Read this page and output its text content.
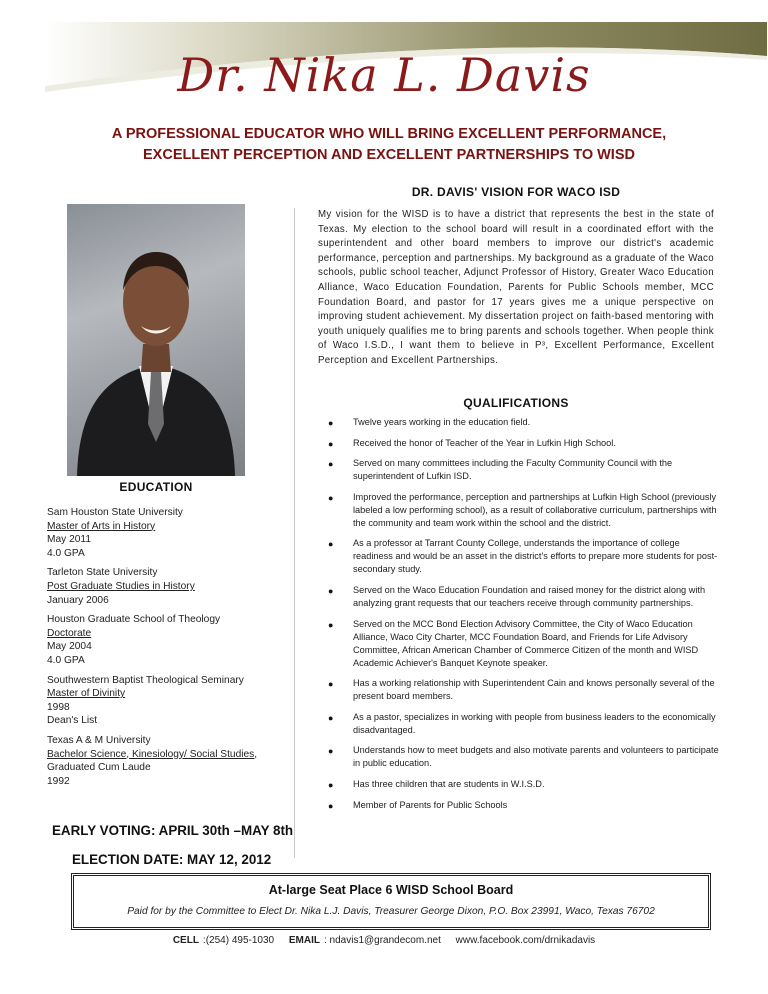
Dr. Nika L. Davis
A PROFESSIONAL EDUCATOR WHO WILL BRING EXCELLENT PERFORMANCE,
EXCELLENT PERCEPTION AND EXCELLENT PARTNERSHIPS TO WISD
DR. DAVIS' VISION FOR WACO ISD
My vision for the WISD is to have a district that represents the best in the state of Texas. My election to the school board will result in a coordinated effort with the superintendent and other board members to improve our district's academic performance, perception and partnerships. My background as a graduate of the Waco schools, public school teacher, Adjunct Professor of History, Greater Waco Education Alliance, Waco Education Foundation, Parents for Public Schools member, MCC Foundation Board, and pastor for 17 years gives me a unique perspective on improving student achievement. My dissertation project on faith-based mentoring with youth uniquely qualifies me to bring parents and schools together. When people think of Waco I.S.D., I want them to believe in P³, Excellent Performance, Excellent Perception and Excellent Partnerships.
QUALIFICATIONS
● Twelve years working in the education field.
● Received the honor of Teacher of the Year in Lufkin High School.
● Served on many committees including the Faculty Community Council with the superintendent of Lufkin ISD.
● Improved the performance, perception and partnerships at Lufkin High School (previously labeled a low performing school), as a result of collaborative curriculum, partnerships with the community and team work within the school and the district.
● As a professor at Tarrant County College, understands the importance of college readiness and would be an asset in the district's efforts to prepare more students for post-secondary study.
● Served on the Waco Education Foundation and raised money for the district along with analyzing grant requests that our teachers receive through community partnerships.
● Served on the MCC Bond Election Advisory Committee, the City of Waco Education Alliance, Waco City Charter, MCC Foundation Board, and Friends for Life Advisory Committee, African American Chamber of Commerce Citizen of the month and WISD Academic Achiever's Banquet Keynote speaker.
● Has a working relationship with Superintendent Cain and knows personally several of the present board members.
● As a pastor, specializes in working with people from business leaders to the economically disadvantaged.
● Understands how to meet budgets and also motivate parents and volunteers to participate in public education.
● Has three children that are students in W.I.S.D.
● Member of Parents for Public Schools
EDUCATION
Sam Houston State University
Master of Arts in History
May 2011
4.0 GPA
Tarleton State University
Post Graduate Studies in History
January 2006
Houston Graduate School of Theology
Doctorate
May 2004
4.0 GPA
Southwestern Baptist Theological Seminary
Master of Divinity
1998
Dean's List
Texas A & M University
Bachelor Science, Kinesiology/ Social Studies,
Graduated Cum Laude
1992
EARLY VOTING: APRIL 30th –MAY 8th
ELECTION DATE: MAY 12, 2012
At-large Seat Place 6 WISD School Board
Paid for by the Committee to Elect Dr. Nika L.J. Davis, Treasurer George Dixon, P.O. Box 23991, Waco, Texas 76702
CELL :(254) 495-1030 EMAIL : ndavis1@grandecom.net www.facebook.com/drnikadavis
